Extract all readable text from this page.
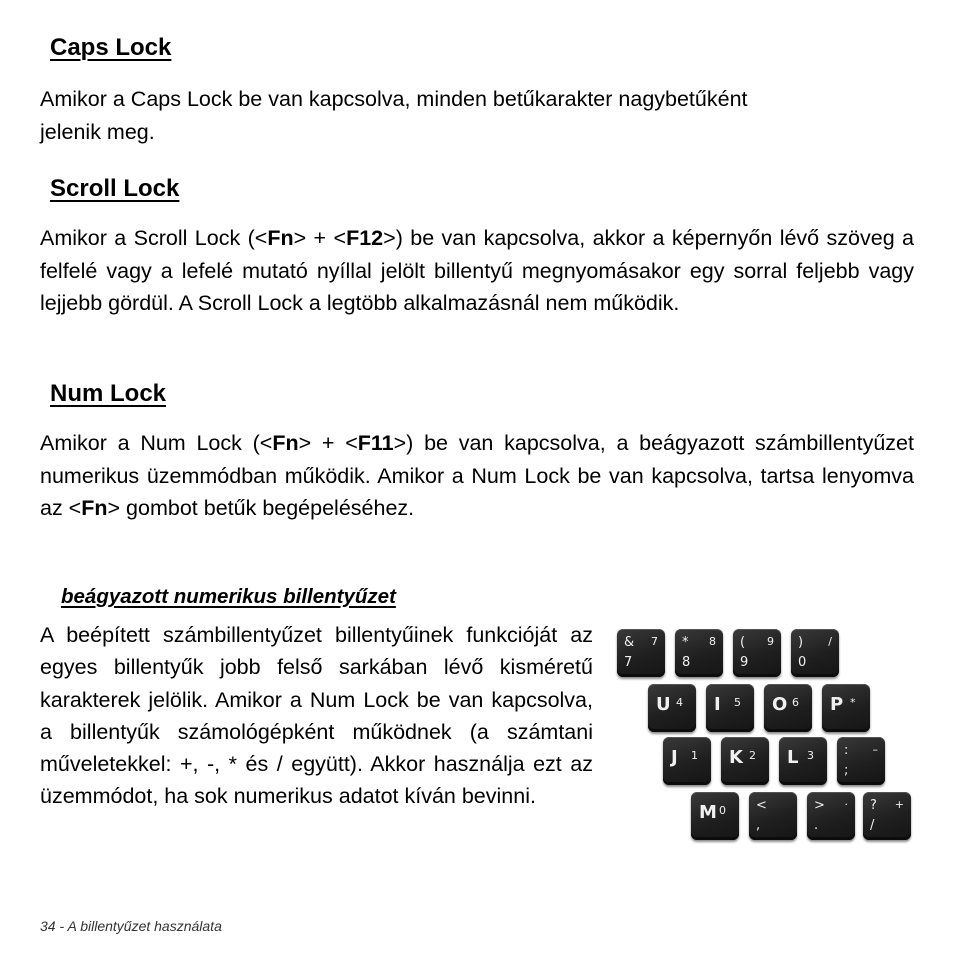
Caps Lock

Amikor a Caps Lock be van kapcsolva, minden betűkarakter nagybetűként
jelenik meg.

Scroll Lock

Amikor a Scroll Lock (<Fn> + <F12>) be van kapcsolva, akkor a képernyőn lévő szöveg a felfelé vagy a lefelé mutató nyíllal jelölt billentyű megnyomásakor egy sorral feljebb vagy lejjebb gördül. A Scroll Lock a legtöbb alkalmazásnál nem működik.

Num Lock

Amikor a Num Lock (<Fn> + <F11>) be van kapcsolva, a beágyazott számbillentyűzet numerikus üzemmódban működik. Amikor a Num Lock be van kapcsolva, tartsa lenyomva az <Fn> gombot betűk begépeléséhez.

beágyazott numerikus billentyűzet

A beépített számbillentyűzet billentyűinek funkcióját az egyes billentyűk jobb felső sarkában lévő kisméretű karakterek jelölik. Amikor a Num Lock be van kapcsolva, a billentyűk számológépként működnek (a számtani műveletekkel: +, -, * és / együtt). Akkor használja ezt az üzemmódot, ha sok numerikus adatot kíván bevinni.

& 7
7
* 8
8
( 9
9
) /
0
U 4 I 5 O 6 P *
J 1 K 2 L 3 : –
;
M 0 <
,
> ·
.
? +
/

34 - A billentyűzet használata
